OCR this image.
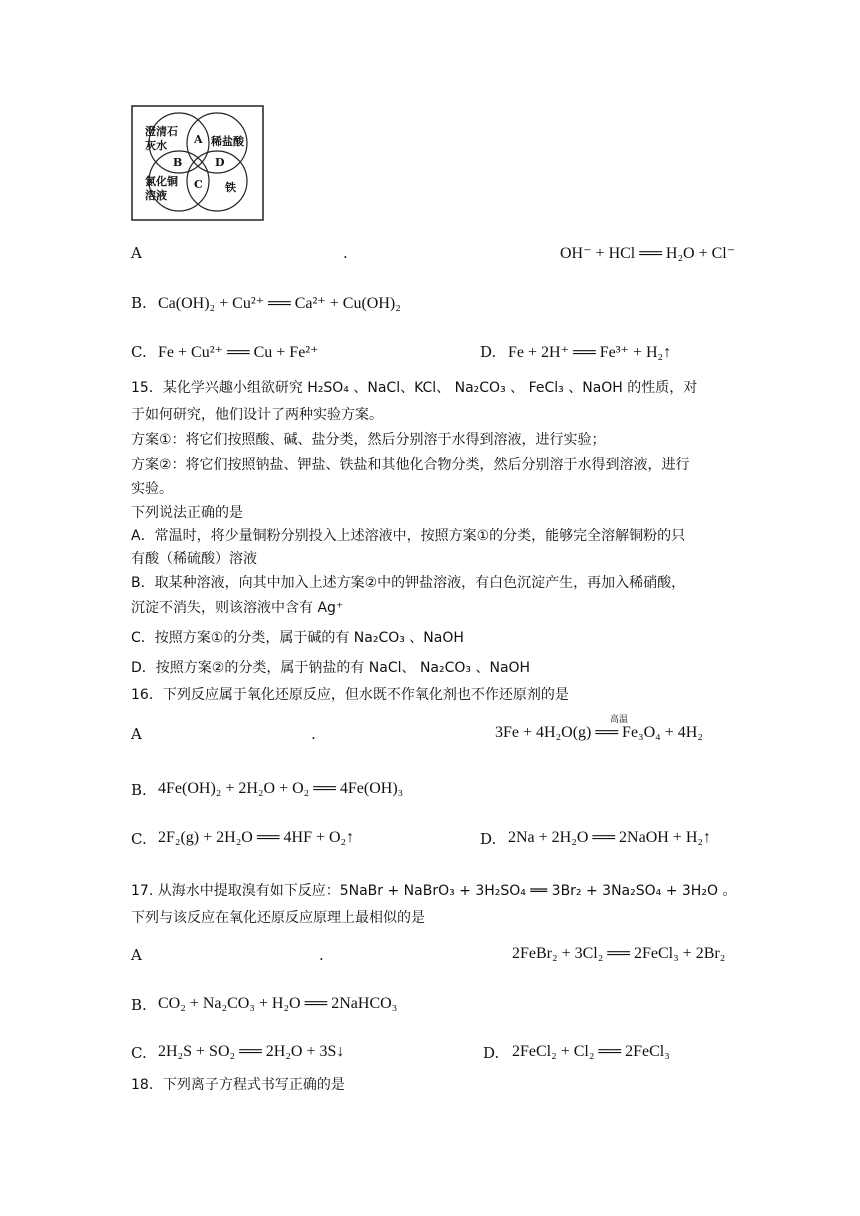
澄清石灰水	稀盐酸
氯化铜溶液
铁
A
B
C
D
A	.	OH⁻ + HCl ══ H₂O + Cl⁻
B. Ca(OH)₂ + Cu²⁺ ══ Ca²⁺ + Cu(OH)₂
C. Fe + Cu²⁺ ══ Cu + Fe²⁺	D. Fe + 2H⁺ ══ Fe³⁺ + H₂↑
15．某化学兴趣小组欲研究 H₂SO₄ 、NaCl、KCl、 Na₂CO₃ 、 FeCl₃ 、NaOH 的性质，对
于如何研究，他们设计了两种实验方案。
方案①：将它们按照酸、碱、盐分类，然后分别溶于水得到溶液，进行实验；
方案②：将它们按照钠盐、钾盐、铁盐和其他化合物分类，然后分别溶于水得到溶液，进行
实验。
下列说法正确的是
A．常温时，将少量铜粉分别投入上述溶液中，按照方案①的分类，能够完全溶解铜粉的只
有酸（稀硫酸）溶液
B．取某种溶液，向其中加入上述方案②中的钾盐溶液，有白色沉淀产生，再加入稀硝酸，
沉淀不消失，则该溶液中含有 Ag⁺
C．按照方案①的分类，属于碱的有 Na₂CO₃ 、NaOH
D．按照方案②的分类，属于钠盐的有 NaCl、 Na₂CO₃ 、NaOH
16．下列反应属于氧化还原反应，但水既不作氧化剂也不作还原剂的是
A	.
高温
3Fe + 4H₂O(g) ══ Fe₃O₄ + 4H₂
B. 4Fe(OH)₂ + 2H₂O + O₂ ══ 4Fe(OH)₃
C. 2F₂(g) + 2H₂O ══ 4HF + O₂↑	D. 2Na + 2H₂O ══ 2NaOH + H₂↑
17. 从海水中提取溴有如下反应：5NaBr + NaBrO₃ + 3H₂SO₄ ══ 3Br₂ + 3Na₂SO₄ + 3H₂O 。
下列与该反应在氧化还原反应原理上最相似的是
A	.	2FeBr₂ + 3Cl₂ ══ 2FeCl₃ + 2Br₂
B. CO₂ + Na₂CO₃ + H₂O ══ 2NaHCO₃
C. 2H₂S + SO₂ ══ 2H₂O + 3S↓	D. 2FeCl₂ + Cl₂ ══ 2FeCl₃
18．下列离子方程式书写正确的是
